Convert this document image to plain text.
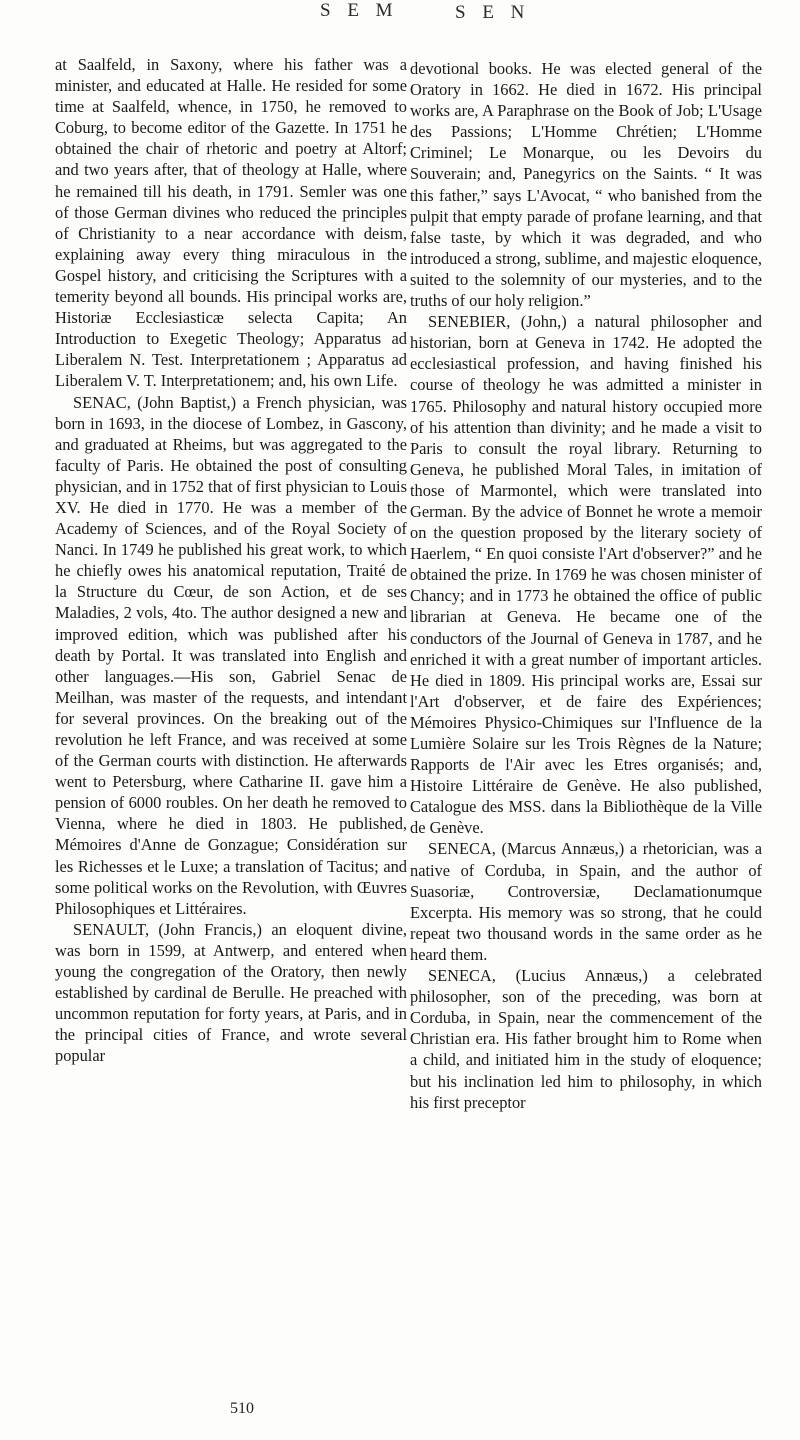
S E M	S E N

at Saalfeld, in Saxony, where his father was a minister, and educated at Halle. He resided for some time at Saalfeld, whence, in 1750, he removed to Coburg, to become editor of the Gazette. In 1751 he obtained the chair of rhetoric and poetry at Altorf; and two years after, that of theology at Halle, where he remained till his death, in 1791. Semler was one of those German divines who reduced the principles of Christianity to a near accordance with deism, explaining away every thing miraculous in the Gospel history, and criticising the Scriptures with a temerity beyond all bounds. His principal works are, Historiæ Ecclesiasticæ selecta Capita; An Introduction to Exegetic Theology; Apparatus ad Liberalem N. Test. Interpretationem ; Apparatus ad Liberalem V. T. Interpretationem; and, his own Life.

SENAC, (John Baptist,) a French physician, was born in 1693, in the diocese of Lombez, in Gascony, and graduated at Rheims, but was aggregated to the faculty of Paris. He obtained the post of consulting physician, and in 1752 that of first physician to Louis XV. He died in 1770. He was a member of the Academy of Sciences, and of the Royal Society of Nanci. In 1749 he published his great work, to which he chiefly owes his anatomical reputation, Traité de la Structure du Cœur, de son Action, et de ses Maladies, 2 vols, 4to. The author designed a new and improved edition, which was published after his death by Portal. It was translated into English and other languages.—His son, Gabriel Senac de Meilhan, was master of the requests, and intendant for several provinces. On the breaking out of the revolution he left France, and was received at some of the German courts with distinction. He afterwards went to Petersburg, where Catharine II. gave him a pension of 6000 roubles. On her death he removed to Vienna, where he died in 1803. He published, Mémoires d'Anne de Gonzague; Considération sur les Richesses et le Luxe; a translation of Tacitus; and some political works on the Revolution, with Œuvres Philosophiques et Littéraires.

SENAULT, (John Francis,) an eloquent divine, was born in 1599, at Antwerp, and entered when young the congregation of the Oratory, then newly established by cardinal de Berulle. He preached with uncommon reputation for forty years, at Paris, and in the principal cities of France, and wrote several popular

devotional books. He was elected general of the Oratory in 1662. He died in 1672. His principal works are, A Paraphrase on the Book of Job; L'Usage des Passions; L'Homme Chrétien; L'Homme Criminel; Le Monarque, ou les Devoirs du Souverain; and, Panegyrics on the Saints. “ It was this father,” says L'Avocat, “ who banished from the pulpit that empty parade of profane learning, and that false taste, by which it was degraded, and who introduced a strong, sublime, and majestic eloquence, suited to the solemnity of our mysteries, and to the truths of our holy religion.”

SENEBIER, (John,) a natural philosopher and historian, born at Geneva in 1742. He adopted the ecclesiastical profession, and having finished his course of theology he was admitted a minister in 1765. Philosophy and natural history occupied more of his attention than divinity; and he made a visit to Paris to consult the royal library. Returning to Geneva, he published Moral Tales, in imitation of those of Marmontel, which were translated into German. By the advice of Bonnet he wrote a memoir on the question proposed by the literary society of Haerlem, “ En quoi consiste l'Art d'observer?” and he obtained the prize. In 1769 he was chosen minister of Chancy; and in 1773 he obtained the office of public librarian at Geneva. He became one of the conductors of the Journal of Geneva in 1787, and he enriched it with a great number of important articles. He died in 1809. His principal works are, Essai sur l'Art d'observer, et de faire des Expériences; Mémoires Physico-Chimiques sur l'Influence de la Lumière Solaire sur les Trois Règnes de la Nature; Rapports de l'Air avec les Etres organisés; and, Histoire Littéraire de Genève. He also published, Catalogue des MSS. dans la Bibliothèque de la Ville de Genève.

SENECA, (Marcus Annæus,) a rhetorician, was a native of Corduba, in Spain, and the author of Suasoriæ, Controversiæ, Declamationumque Excerpta. His memory was so strong, that he could repeat two thousand words in the same order as he heard them.

SENECA, (Lucius Annæus,) a celebrated philosopher, son of the preceding, was born at Corduba, in Spain, near the commencement of the Christian era. His father brought him to Rome when a child, and initiated him in the study of eloquence; but his inclination led him to philosophy, in which his first preceptor

510
